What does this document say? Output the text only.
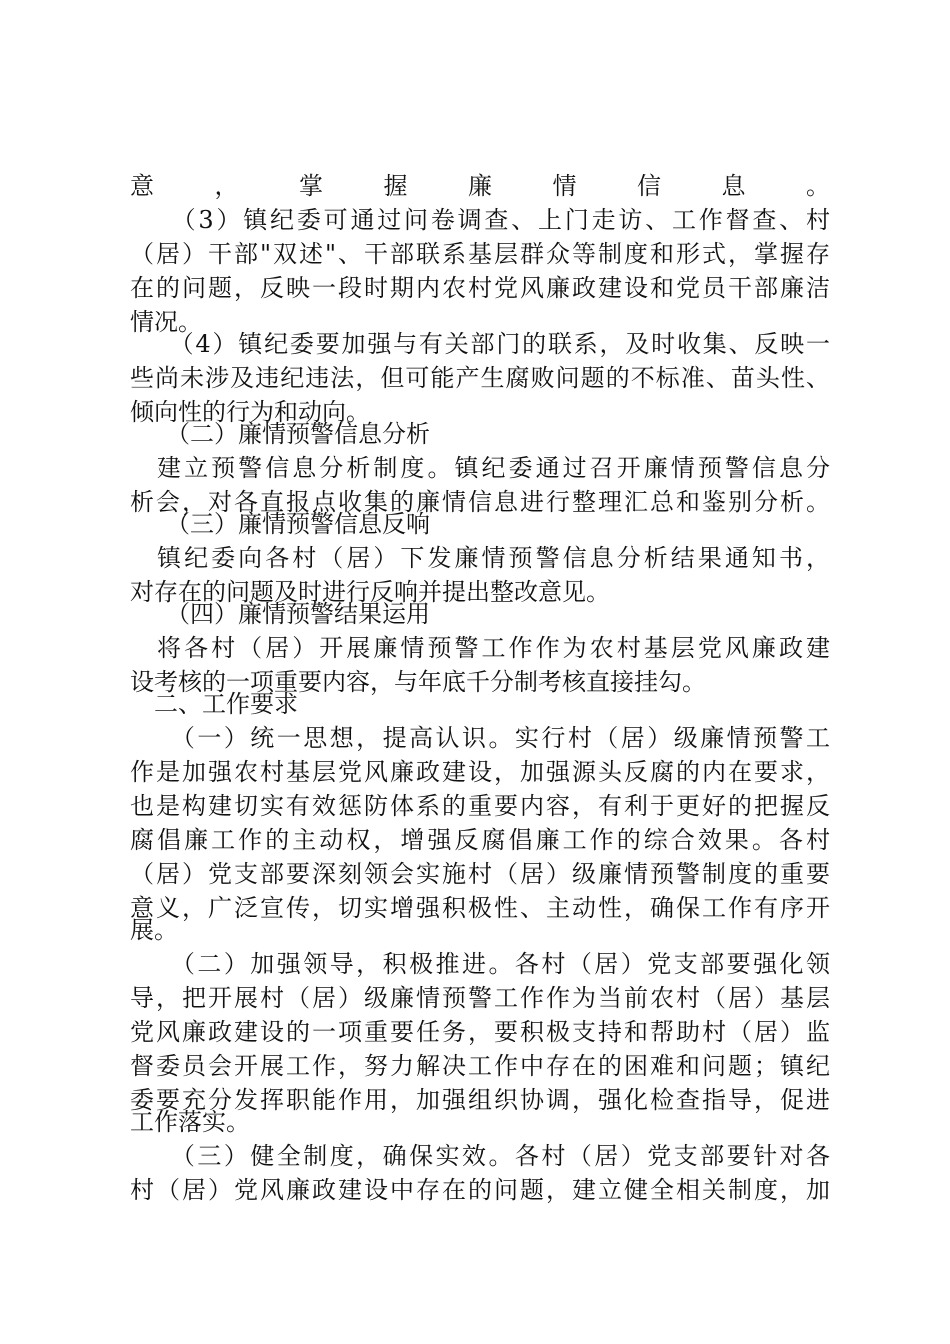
意，掌握廉情信息。
　　（3）镇纪委可通过问卷调查、上门走访、工作督查、村
（居）干部"双述"、干部联系基层群众等制度和形式，掌握存
在的问题，反映一段时期内农村党风廉政建设和党员干部廉洁
情况。
　　（4）镇纪委要加强与有关部门的联系，及时收集、反映一
些尚未涉及违纪违法，但可能产生腐败问题的不标准、苗头性、
倾向性的行为和动向。
　　（二）廉情预警信息分析
　建立预警信息分析制度。镇纪委通过召开廉情预警信息分
析会，对各直报点收集的廉情信息进行整理汇总和鉴别分析。
　　（三）廉情预警信息反响
　镇纪委向各村（居）下发廉情预警信息分析结果通知书，
对存在的问题及时进行反响并提出整改意见。
　　（四）廉情预警结果运用
　将各村（居）开展廉情预警工作作为农村基层党风廉政建
设考核的一项重要内容，与年底千分制考核直接挂勾。
　二、工作要求
　　（一）统一思想，提高认识。实行村（居）级廉情预警工
作是加强农村基层党风廉政建设，加强源头反腐的内在要求，
也是构建切实有效惩防体系的重要内容，有利于更好的把握反
腐倡廉工作的主动权，增强反腐倡廉工作的综合效果。各村
（居）党支部要深刻领会实施村（居）级廉情预警制度的重要
意义，广泛宣传，切实增强积极性、主动性，确保工作有序开
展。
　　（二）加强领导，积极推进。各村（居）党支部要强化领
导，把开展村（居）级廉情预警工作作为当前农村（居）基层
党风廉政建设的一项重要任务，要积极支持和帮助村（居）监
督委员会开展工作，努力解决工作中存在的困难和问题；镇纪
委要充分发挥职能作用，加强组织协调，强化检查指导，促进
工作落实。
　　（三）健全制度，确保实效。各村（居）党支部要针对各
村（居）党风廉政建设中存在的问题，建立健全相关制度，加
